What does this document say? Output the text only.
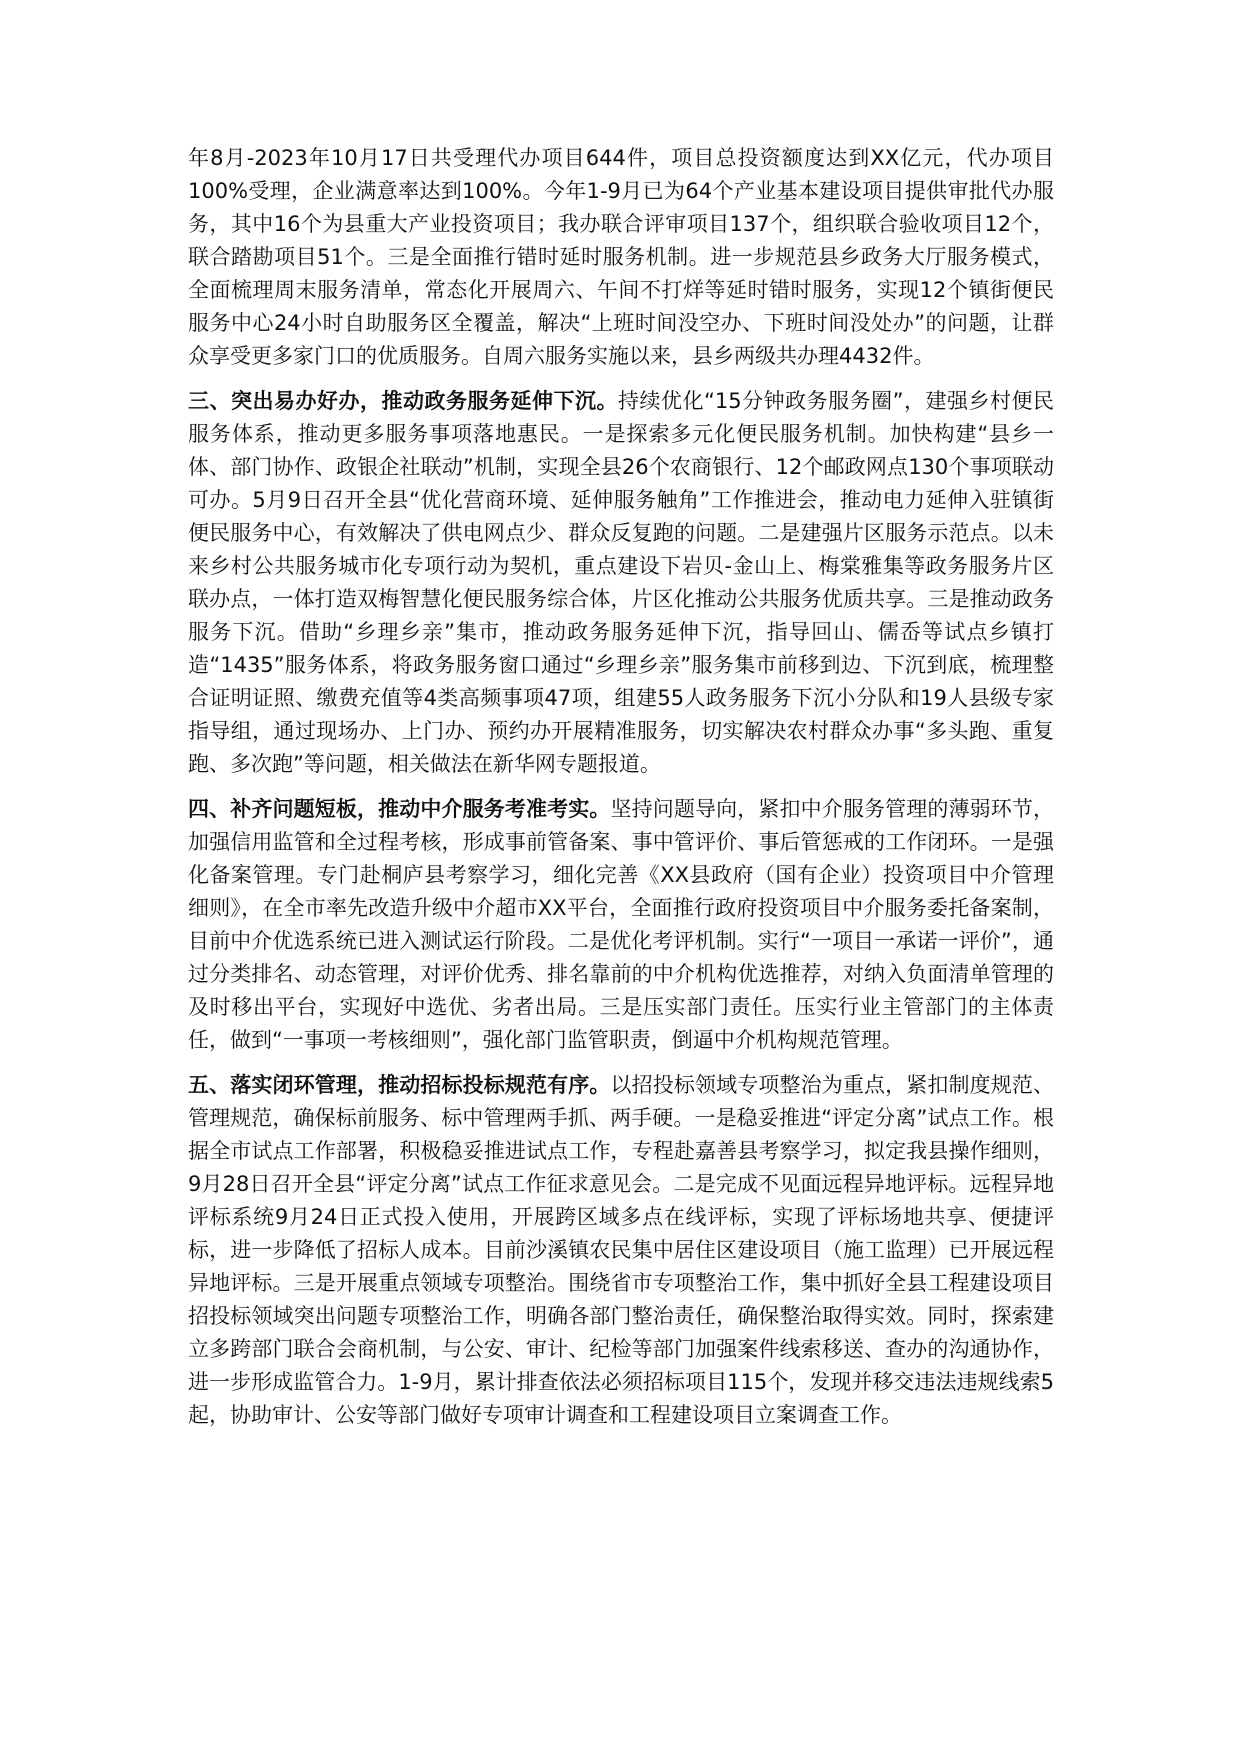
年8月-2023年10月17日共受理代办项目644件，项目总投资额度达到XX亿元，代办项目100%受理，企业满意率达到100%。今年1-9月已为64个产业基本建设项目提供审批代办服务，其中16个为县重大产业投资项目；我办联合评审项目137个，组织联合验收项目12个，联合踏勘项目51个。三是全面推行错时延时服务机制。进一步规范县乡政务大厅服务模式，全面梳理周末服务清单，常态化开展周六、午间不打烊等延时错时服务，实现12个镇街便民服务中心24小时自助服务区全覆盖，解决“上班时间没空办、下班时间没处办”的问题，让群众享受更多家门口的优质服务。自周六服务实施以来，县乡两级共办理4432件。

三、突出易办好办，推动政务服务延伸下沉。持续优化“15分钟政务服务圈”，建强乡村便民服务体系，推动更多服务事项落地惠民。一是探索多元化便民服务机制。加快构建“县乡一体、部门协作、政银企社联动”机制，实现全县26个农商银行、12个邮政网点130个事项联动可办。5月9日召开全县“优化营商环境、延伸服务触角”工作推进会，推动电力延伸入驻镇街便民服务中心，有效解决了供电网点少、群众反复跑的问题。二是建强片区服务示范点。以未来乡村公共服务城市化专项行动为契机，重点建设下岩贝-金山上、梅棠雅集等政务服务片区联办点，一体打造双梅智慧化便民服务综合体，片区化推动公共服务优质共享。三是推动政务服务下沉。借助“乡理乡亲”集市，推动政务服务延伸下沉，指导回山、儒岙等试点乡镇打造“1435”服务体系，将政务服务窗口通过“乡理乡亲”服务集市前移到边、下沉到底，梳理整合证明证照、缴费充值等4类高频事项47项，组建55人政务服务下沉小分队和19人县级专家指导组，通过现场办、上门办、预约办开展精准服务，切实解决农村群众办事“多头跑、重复跑、多次跑”等问题，相关做法在新华网专题报道。

四、补齐问题短板，推动中介服务考准考实。坚持问题导向，紧扣中介服务管理的薄弱环节，加强信用监管和全过程考核，形成事前管备案、事中管评价、事后管惩戒的工作闭环。一是强化备案管理。专门赴桐庐县考察学习，细化完善《XX县政府（国有企业）投资项目中介管理细则》，在全市率先改造升级中介超市XX平台，全面推行政府投资项目中介服务委托备案制，目前中介优选系统已进入测试运行阶段。二是优化考评机制。实行“一项目一承诺一评价”，通过分类排名、动态管理，对评价优秀、排名靠前的中介机构优选推荐，对纳入负面清单管理的及时移出平台，实现好中选优、劣者出局。三是压实部门责任。压实行业主管部门的主体责任，做到“一事项一考核细则”，强化部门监管职责，倒逼中介机构规范管理。

五、落实闭环管理，推动招标投标规范有序。以招投标领域专项整治为重点，紧扣制度规范、管理规范，确保标前服务、标中管理两手抓、两手硬。一是稳妥推进“评定分离”试点工作。根据全市试点工作部署，积极稳妥推进试点工作，专程赴嘉善县考察学习，拟定我县操作细则，9月28日召开全县“评定分离”试点工作征求意见会。二是完成不见面远程异地评标。远程异地评标系统9月24日正式投入使用，开展跨区域多点在线评标，实现了评标场地共享、便捷评标，进一步降低了招标人成本。目前沙溪镇农民集中居住区建设项目（施工监理）已开展远程异地评标。三是开展重点领域专项整治。围绕省市专项整治工作，集中抓好全县工程建设项目招投标领域突出问题专项整治工作，明确各部门整治责任，确保整治取得实效。同时，探索建立多跨部门联合会商机制，与公安、审计、纪检等部门加强案件线索移送、查办的沟通协作，进一步形成监管合力。1-9月，累计排查依法必须招标项目115个，发现并移交违法违规线索5起，协助审计、公安等部门做好专项审计调查和工程建设项目立案调查工作。
